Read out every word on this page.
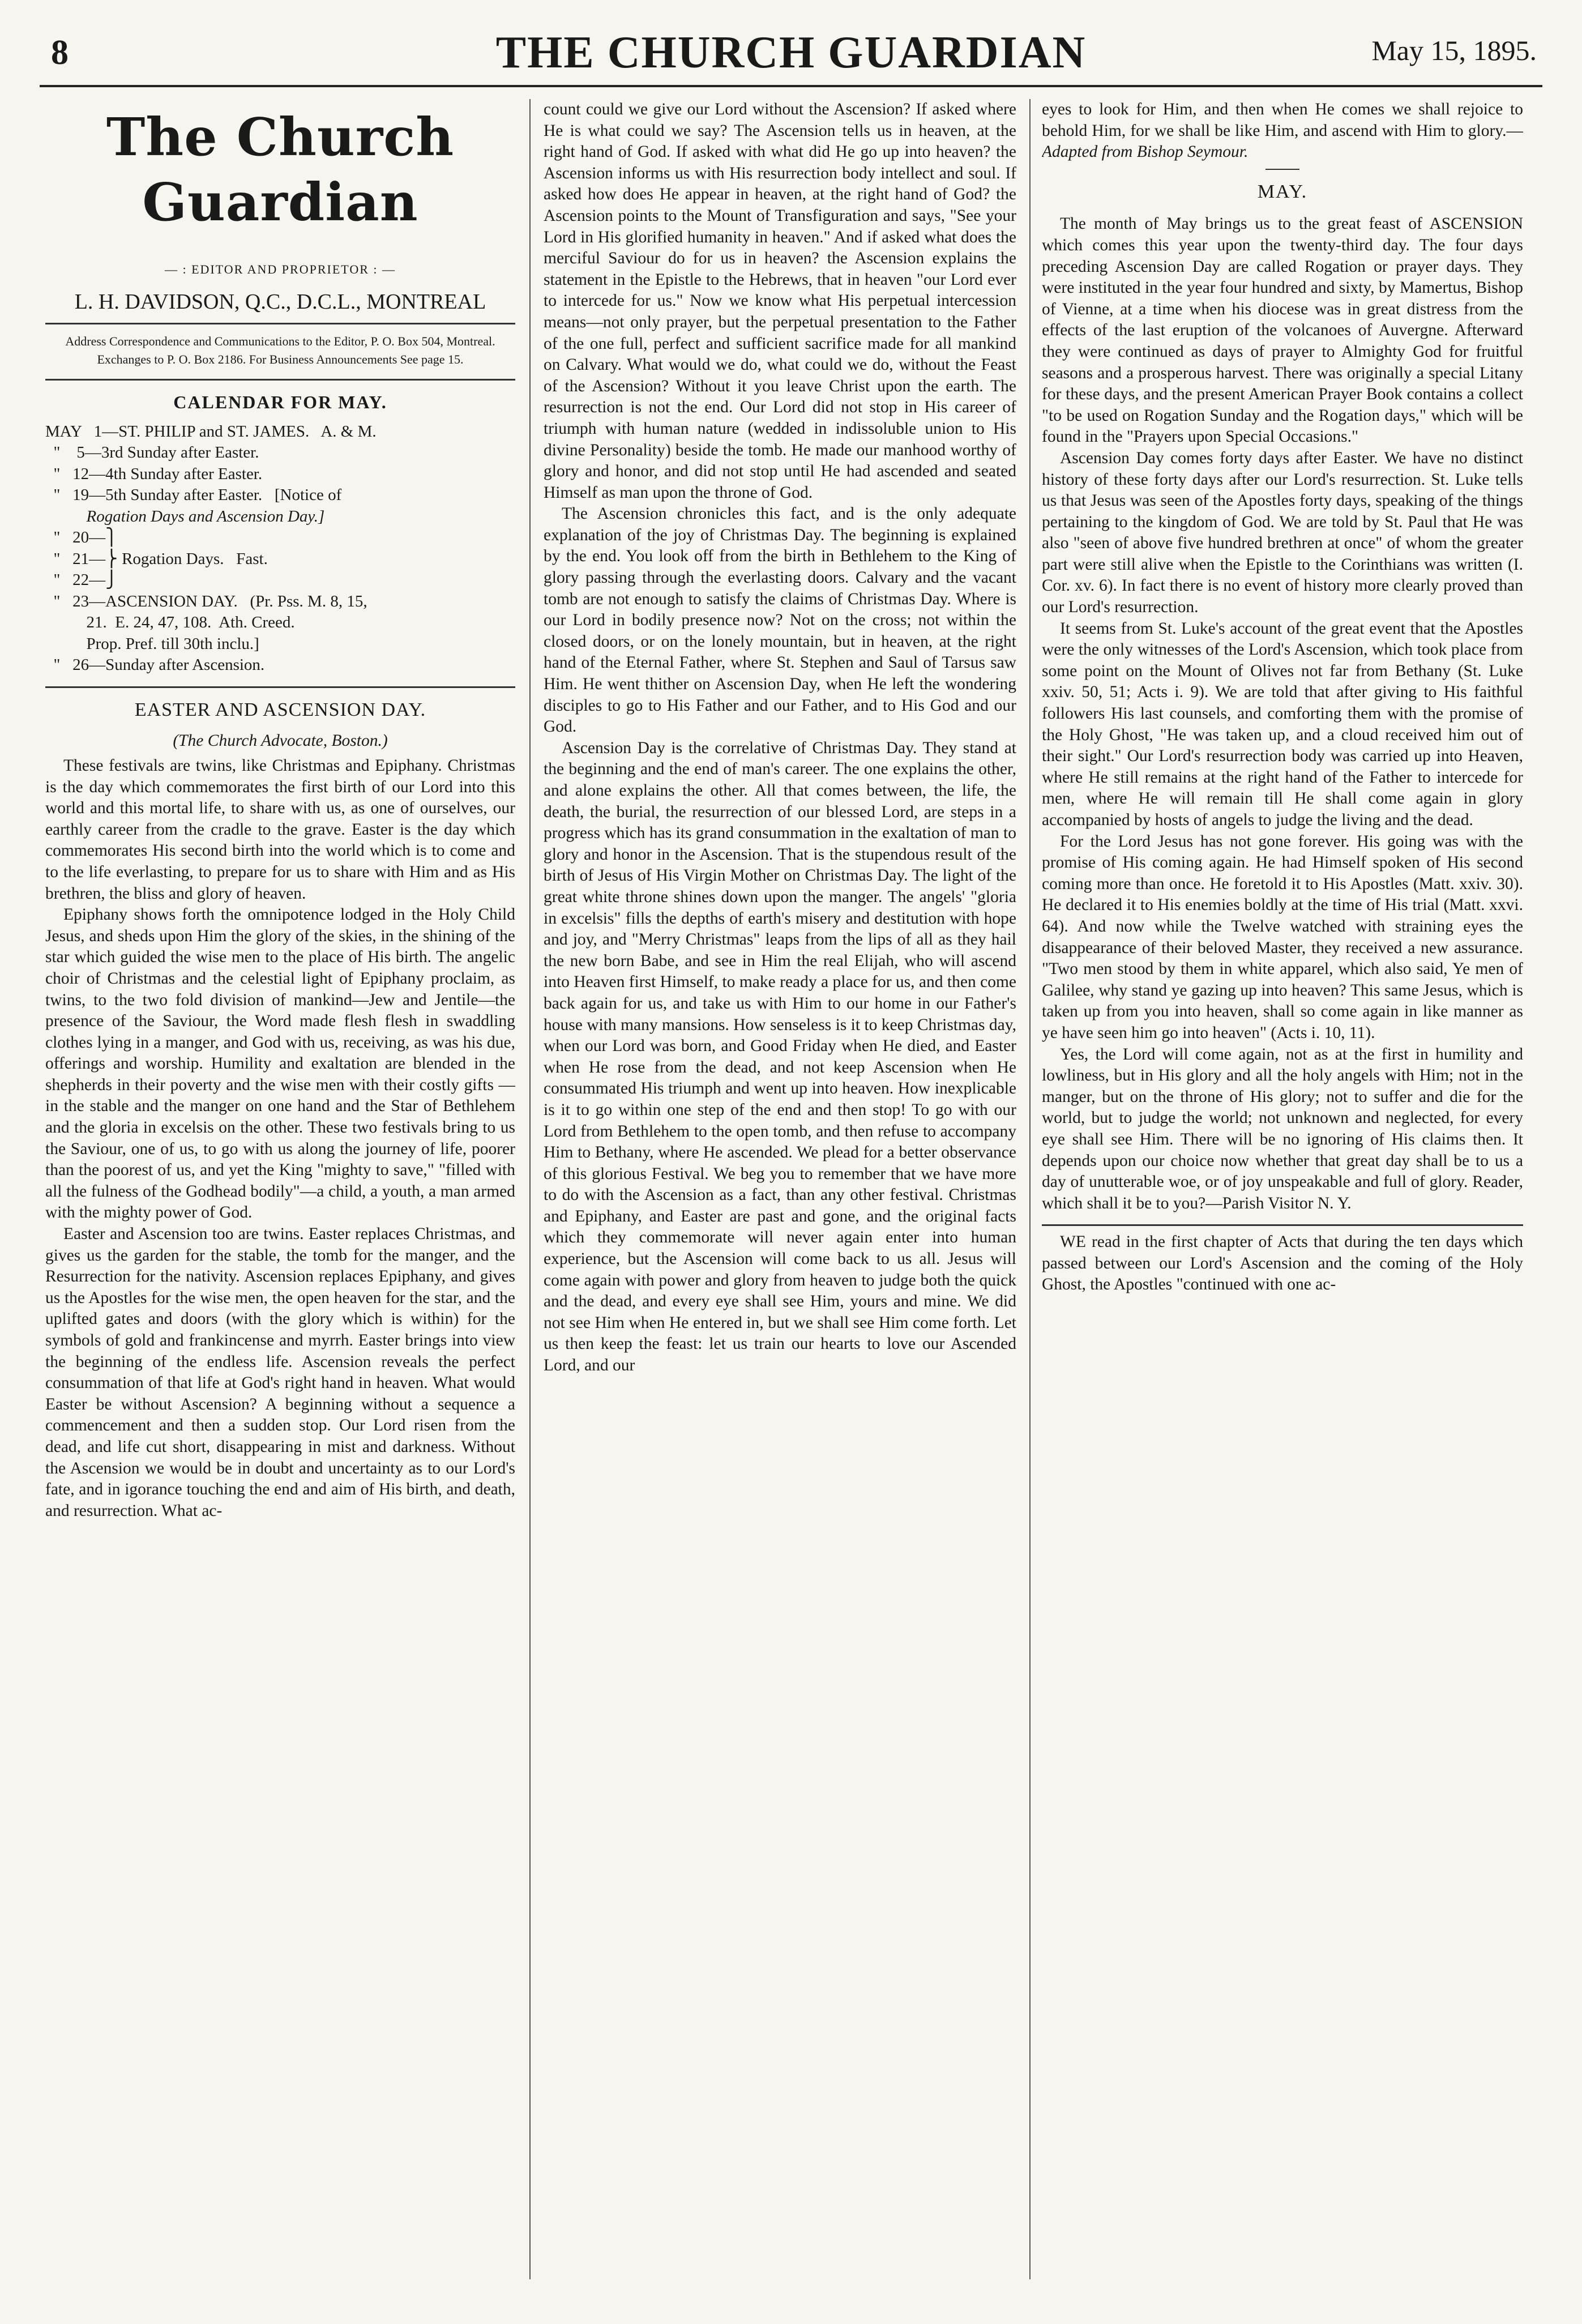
8	THE CHURCH GUARDIAN	May 15, 1895.
The Church Guardian
— : EDITOR AND PROPRIETOR : —
L. H. DAVIDSON, Q.C., D.C.L., MONTREAL
Address Correspondence and Communications to the Editor, P. O. Box 504, Montreal. Exchanges to P. O. Box 2186. For Business Announcements See page 15.
CALENDAR FOR MAY.
MAY   1—ST. PHILIP and ST. JAMES.   A. & M.
"    5—3rd Sunday after Easter.
"   12—4th Sunday after Easter.
"   19—5th Sunday after Easter.   [Notice of
Rogation Days and Ascension Day.]
"   20—⎫
"   21—⎬ Rogation Days.   Fast.
"   22—⎭
"   23—ASCENSION DAY.   (Pr. Pss. M. 8, 15,
21.  E. 24, 47, 108.  Ath. Creed.
Prop. Pref. till 30th inclu.]
"   26—Sunday after Ascension.
EASTER AND ASCENSION DAY.
(The Church Advocate, Boston.)

These festivals are twins, like Christmas and Epiphany. Christmas is the day which commemorates the first birth of our Lord into this world and this mortal life, to share with us, as one of ourselves, our earthly career from the cradle to the grave. Easter is the day which commemorates His second birth into the world which is to come and to the life everlasting, to prepare for us to share with Him and as His brethren, the bliss and glory of heaven.

Epiphany shows forth the omnipotence lodged in the Holy Child Jesus, and sheds upon Him the glory of the skies, in the shining of the star which guided the wise men to the place of His birth. The angelic choir of Christmas and the celestial light of Epiphany proclaim, as twins, to the two fold division of mankind—Jew and Jentile—the presence of the Saviour, the Word made flesh flesh in swaddling clothes lying in a manger, and God with us, receiving, as was his due, offerings and worship. Humility and exaltation are blended in the shepherds in their poverty and the wise men with their costly gifts —in the stable and the manger on one hand and the Star of Bethlehem and the gloria in excelsis on the other. These two festivals bring to us the Saviour, one of us, to go with us along the journey of life, poorer than the poorest of us, and yet the King "mighty to save," "filled with all the fulness of the Godhead bodily"—a child, a youth, a man armed with the mighty power of God.

Easter and Ascension too are twins. Easter replaces Christmas, and gives us the garden for the stable, the tomb for the manger, and the Resurrection for the nativity. Ascension replaces Epiphany, and gives us the Apostles for the wise men, the open heaven for the star, and the uplifted gates and doors (with the glory which is within) for the symbols of gold and frankincense and myrrh. Easter brings into view the beginning of the endless life. Ascension reveals the perfect consummation of that life at God's right hand in heaven. What would Easter be without Ascension? A beginning without a sequence a commencement and then a sudden stop. Our Lord risen from the dead, and life cut short, disappearing in mist and darkness. Without the Ascension we would be in doubt and uncertainty as to our Lord's fate, and in igorance touching the end and aim of His birth, and death, and resurrection. What ac-

count could we give our Lord without the Ascension? If asked where He is what could we say? The Ascension tells us in heaven, at the right hand of God. If asked with what did He go up into heaven? the Ascension informs us with His resurrection body intellect and soul. If asked how does He appear in heaven, at the right hand of God? the Ascension points to the Mount of Transfiguration and says, "See your Lord in His glorified humanity in heaven." And if asked what does the merciful Saviour do for us in heaven? the Ascension explains the statement in the Epistle to the Hebrews, that in heaven "our Lord ever to intercede for us." Now we know what His perpetual intercession means—not only prayer, but the perpetual presentation to the Father of the one full, perfect and sufficient sacrifice made for all mankind on Calvary. What would we do, what could we do, without the Feast of the Ascension? Without it you leave Christ upon the earth. The resurrection is not the end. Our Lord did not stop in His career of triumph with human nature (wedded in indissoluble union to His divine Personality) beside the tomb. He made our manhood worthy of glory and honor, and did not stop until He had ascended and seated Himself as man upon the throne of God.

The Ascension chronicles this fact, and is the only adequate explanation of the joy of Christmas Day. The beginning is explained by the end. You look off from the birth in Bethlehem to the King of glory passing through the everlasting doors. Calvary and the vacant tomb are not enough to satisfy the claims of Christmas Day. Where is our Lord in bodily presence now? Not on the cross; not within the closed doors, or on the lonely mountain, but in heaven, at the right hand of the Eternal Father, where St. Stephen and Saul of Tarsus saw Him. He went thither on Ascension Day, when He left the wondering disciples to go to His Father and our Father, and to His God and our God.

Ascension Day is the correlative of Christmas Day. They stand at the beginning and the end of man's career. The one explains the other, and alone explains the other. All that comes between, the life, the death, the burial, the resurrection of our blessed Lord, are steps in a progress which has its grand consummation in the exaltation of man to glory and honor in the Ascension. That is the stupendous result of the birth of Jesus of His Virgin Mother on Christmas Day. The light of the great white throne shines down upon the manger. The angels' "gloria in excelsis" fills the depths of earth's misery and destitution with hope and joy, and "Merry Christmas" leaps from the lips of all as they hail the new born Babe, and see in Him the real Elijah, who will ascend into Heaven first Himself, to make ready a place for us, and then come back again for us, and take us with Him to our home in our Father's house with many mansions. How senseless is it to keep Christmas day, when our Lord was born, and Good Friday when He died, and Easter when He rose from the dead, and not keep Ascension when He consummated His triumph and went up into heaven. How inexplicable is it to go within one step of the end and then stop! To go with our Lord from Bethlehem to the open tomb, and then refuse to accompany Him to Bethany, where He ascended. We plead for a better observance of this glorious Festival. We beg you to remember that we have more to do with the Ascension as a fact, than any other festival. Christmas and Epiphany, and Easter are past and gone, and the original facts which they commemorate will never again enter into human experience, but the Ascension will come back to us all. Jesus will come again with power and glory from heaven to judge both the quick and the dead, and every eye shall see Him, yours and mine. We did not see Him when He entered in, but we shall see Him come forth. Let us then keep the feast: let us train our hearts to love our Ascended Lord, and our

eyes to look for Him, and then when He comes we shall rejoice to behold Him, for we shall be like Him, and ascend with Him to glory.— Adapted from Bishop Seymour.

MAY.

The month of May brings us to the great feast of ASCENSION which comes this year upon the twenty-third day. The four days preceding Ascension Day are called Rogation or prayer days. They were instituted in the year four hundred and sixty, by Mamertus, Bishop of Vienne, at a time when his diocese was in great distress from the effects of the last eruption of the volcanoes of Auvergne. Afterward they were continued as days of prayer to Almighty God for fruitful seasons and a prosperous harvest. There was originally a special Litany for these days, and the present American Prayer Book contains a collect "to be used on Rogation Sunday and the Rogation days," which will be found in the "Prayers upon Special Occasions."

Ascension Day comes forty days after Easter. We have no distinct history of these forty days after our Lord's resurrection. St. Luke tells us that Jesus was seen of the Apostles forty days, speaking of the things pertaining to the kingdom of God. We are told by St. Paul that He was also "seen of above five hundred brethren at once" of whom the greater part were still alive when the Epistle to the Corinthians was written (I. Cor. xv. 6). In fact there is no event of history more clearly proved than our Lord's resurrection.

It seems from St. Luke's account of the great event that the Apostles were the only witnesses of the Lord's Ascension, which took place from some point on the Mount of Olives not far from Bethany (St. Luke xxiv. 50, 51; Acts i. 9). We are told that after giving to His faithful followers His last counsels, and comforting them with the promise of the Holy Ghost, "He was taken up, and a cloud received him out of their sight." Our Lord's resurrection body was carried up into Heaven, where He still remains at the right hand of the Father to intercede for men, where He will remain till He shall come again in glory accompanied by hosts of angels to judge the living and the dead.

For the Lord Jesus has not gone forever. His going was with the promise of His coming again. He had Himself spoken of His second coming more than once. He foretold it to His Apostles (Matt. xxiv. 30). He declared it to His enemies boldly at the time of His trial (Matt. xxvi. 64). And now while the Twelve watched with straining eyes the disappearance of their beloved Master, they received a new assurance. "Two men stood by them in white apparel, which also said, Ye men of Galilee, why stand ye gazing up into heaven? This same Jesus, which is taken up from you into heaven, shall so come again in like manner as ye have seen him go into heaven" (Acts i. 10, 11).

Yes, the Lord will come again, not as at the first in humility and lowliness, but in His glory and all the holy angels with Him; not in the manger, but on the throne of His glory; not to suffer and die for the world, but to judge the world; not unknown and neglected, for every eye shall see Him. There will be no ignoring of His claims then. It depends upon our choice now whether that great day shall be to us a day of unutterable woe, or of joy unspeakable and full of glory. Reader, which shall it be to you?—Parish Visitor N. Y.

WE read in the first chapter of Acts that during the ten days which passed between our Lord's Ascension and the coming of the Holy Ghost, the Apostles "continued with one ac-
